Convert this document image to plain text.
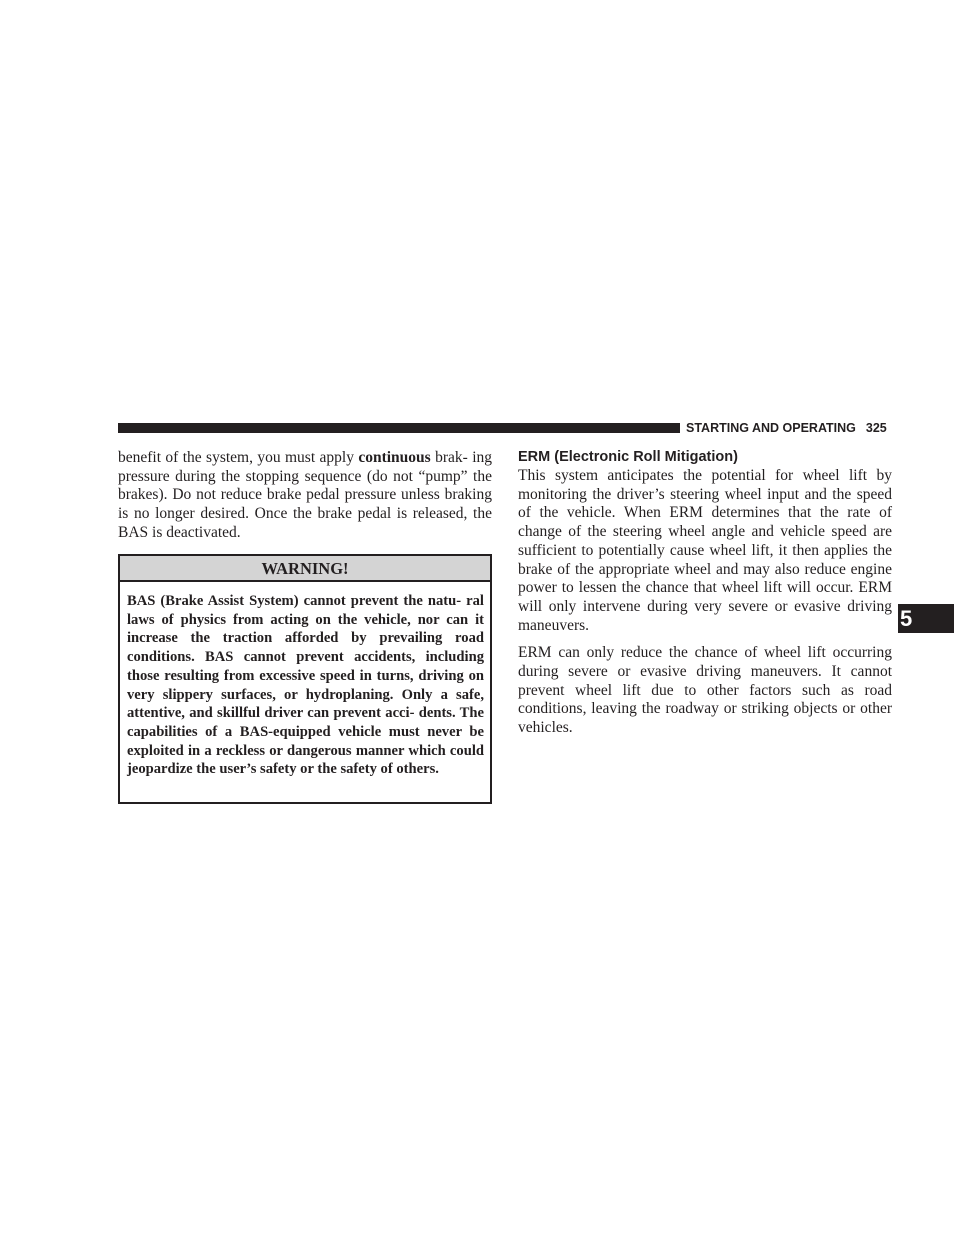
STARTING AND OPERATING 325

benefit of the system, you must apply continuous brak- ing pressure during the stopping sequence (do not “pump” the brakes). Do not reduce brake pedal pressure unless braking is no longer desired. Once the brake pedal is released, the BAS is deactivated.

WARNING!

BAS (Brake Assist System) cannot prevent the natu- ral laws of physics from acting on the vehicle, nor can it increase the traction afforded by prevailing road conditions. BAS cannot prevent accidents, including those resulting from excessive speed in turns, driving on very slippery surfaces, or hydroplaning. Only a safe, attentive, and skillful driver can prevent acci- dents. The capabilities of a BAS-equipped vehicle must never be exploited in a reckless or dangerous manner which could jeopardize the user’s safety or the safety of others.

ERM (Electronic Roll Mitigation)

This system anticipates the potential for wheel lift by monitoring the driver’s steering wheel input and the speed of the vehicle. When ERM determines that the rate of change of the steering wheel angle and vehicle speed are sufficient to potentially cause wheel lift, it then applies the brake of the appropriate wheel and may also reduce engine power to lessen the chance that wheel lift will occur. ERM will only intervene during very severe or evasive driving maneuvers.

ERM can only reduce the chance of wheel lift occurring during severe or evasive driving maneuvers. It cannot prevent wheel lift due to other factors such as road conditions, leaving the roadway or striking objects or other vehicles.

5
